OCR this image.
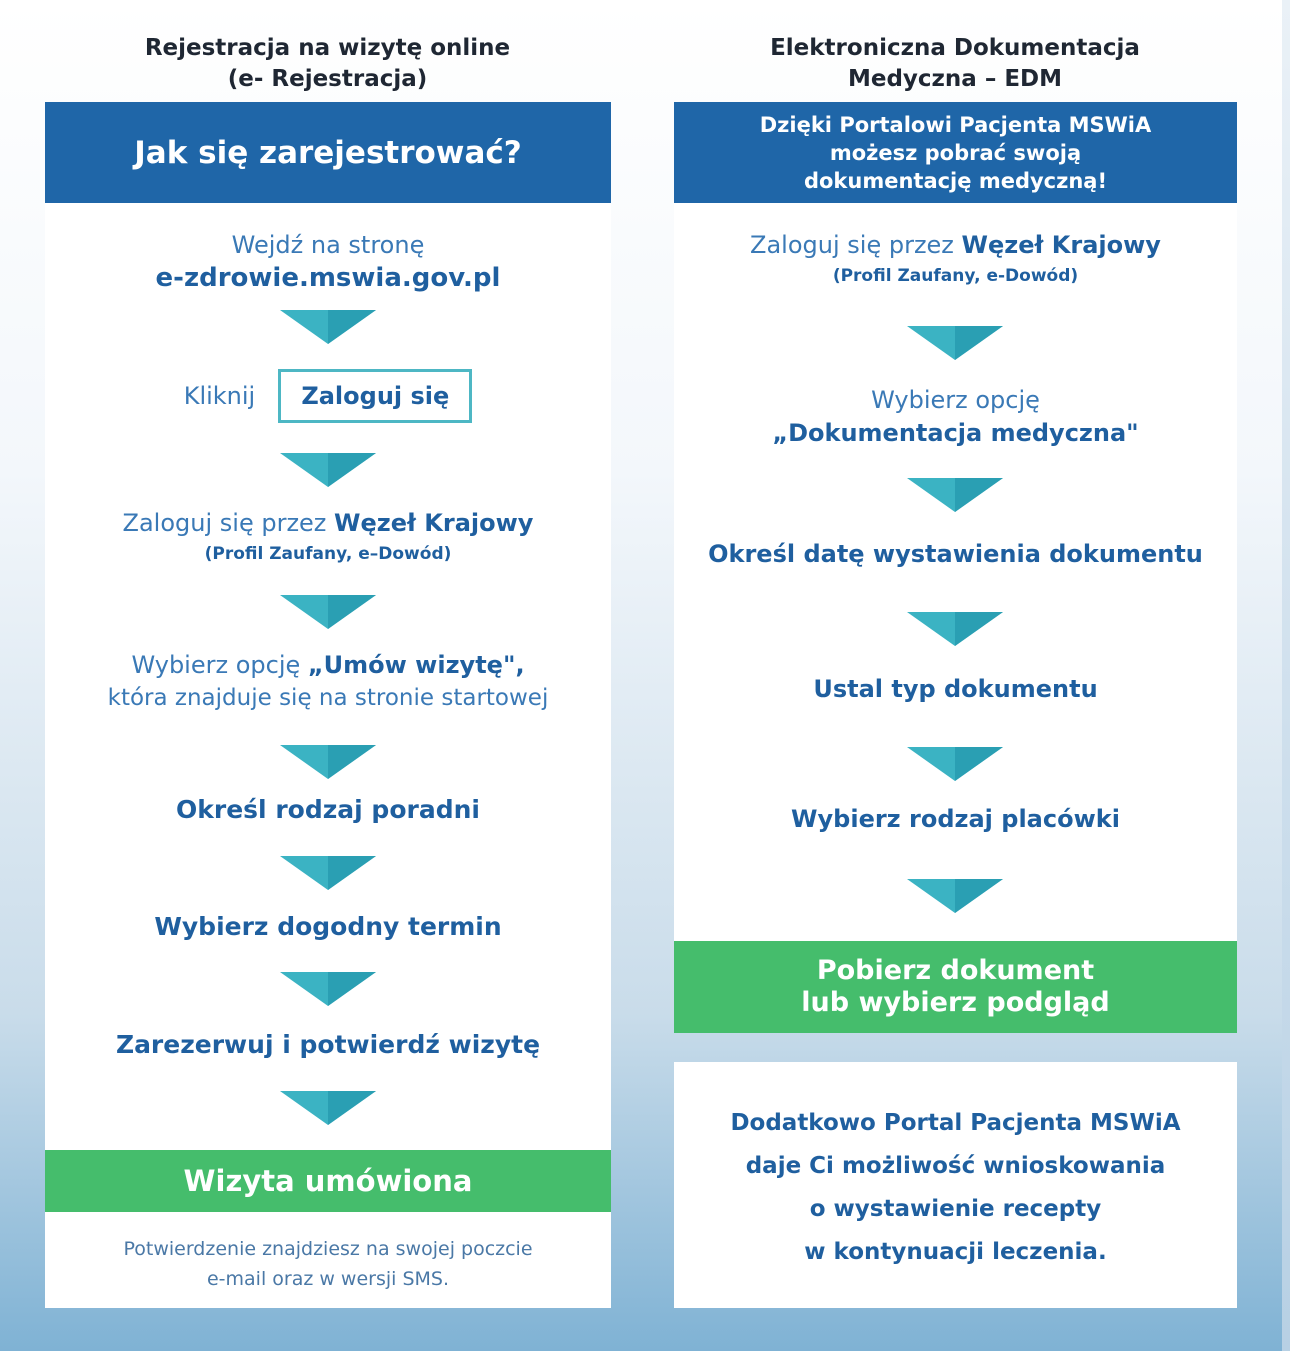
Rejestracja na wizytę online
(e- Rejestracja)
Elektroniczna Dokumentacja
Medyczna – EDM
Jak się zarejestrować?
Wejdź na stronę
e-zdrowie.mswia.gov.pl
Kliknij Zaloguj się
Zaloguj się przez Węzeł Krajowy
(Profil Zaufany, e–Dowód)
Wybierz opcję „Umów wizytę",
która znajduje się na stronie startowej
Określ rodzaj poradni
Wybierz dogodny termin
Zarezerwuj i potwierdź wizytę
Wizyta umówiona
Potwierdzenie znajdziesz na swojej poczcie
e-mail oraz w wersji SMS.
Dzięki Portalowi Pacjenta MSWiA
możesz pobrać swoją
dokumentację medyczną!
Zaloguj się przez Węzeł Krajowy
(Profil Zaufany, e-Dowód)
Wybierz opcję
„Dokumentacja medyczna"
Określ datę wystawienia dokumentu
Ustal typ dokumentu
Wybierz rodzaj placówki
Pobierz dokument
lub wybierz podgląd
Dodatkowo Portal Pacjenta MSWiA
daje Ci możliwość wnioskowania
o wystawienie recepty
w kontynuacji leczenia.
